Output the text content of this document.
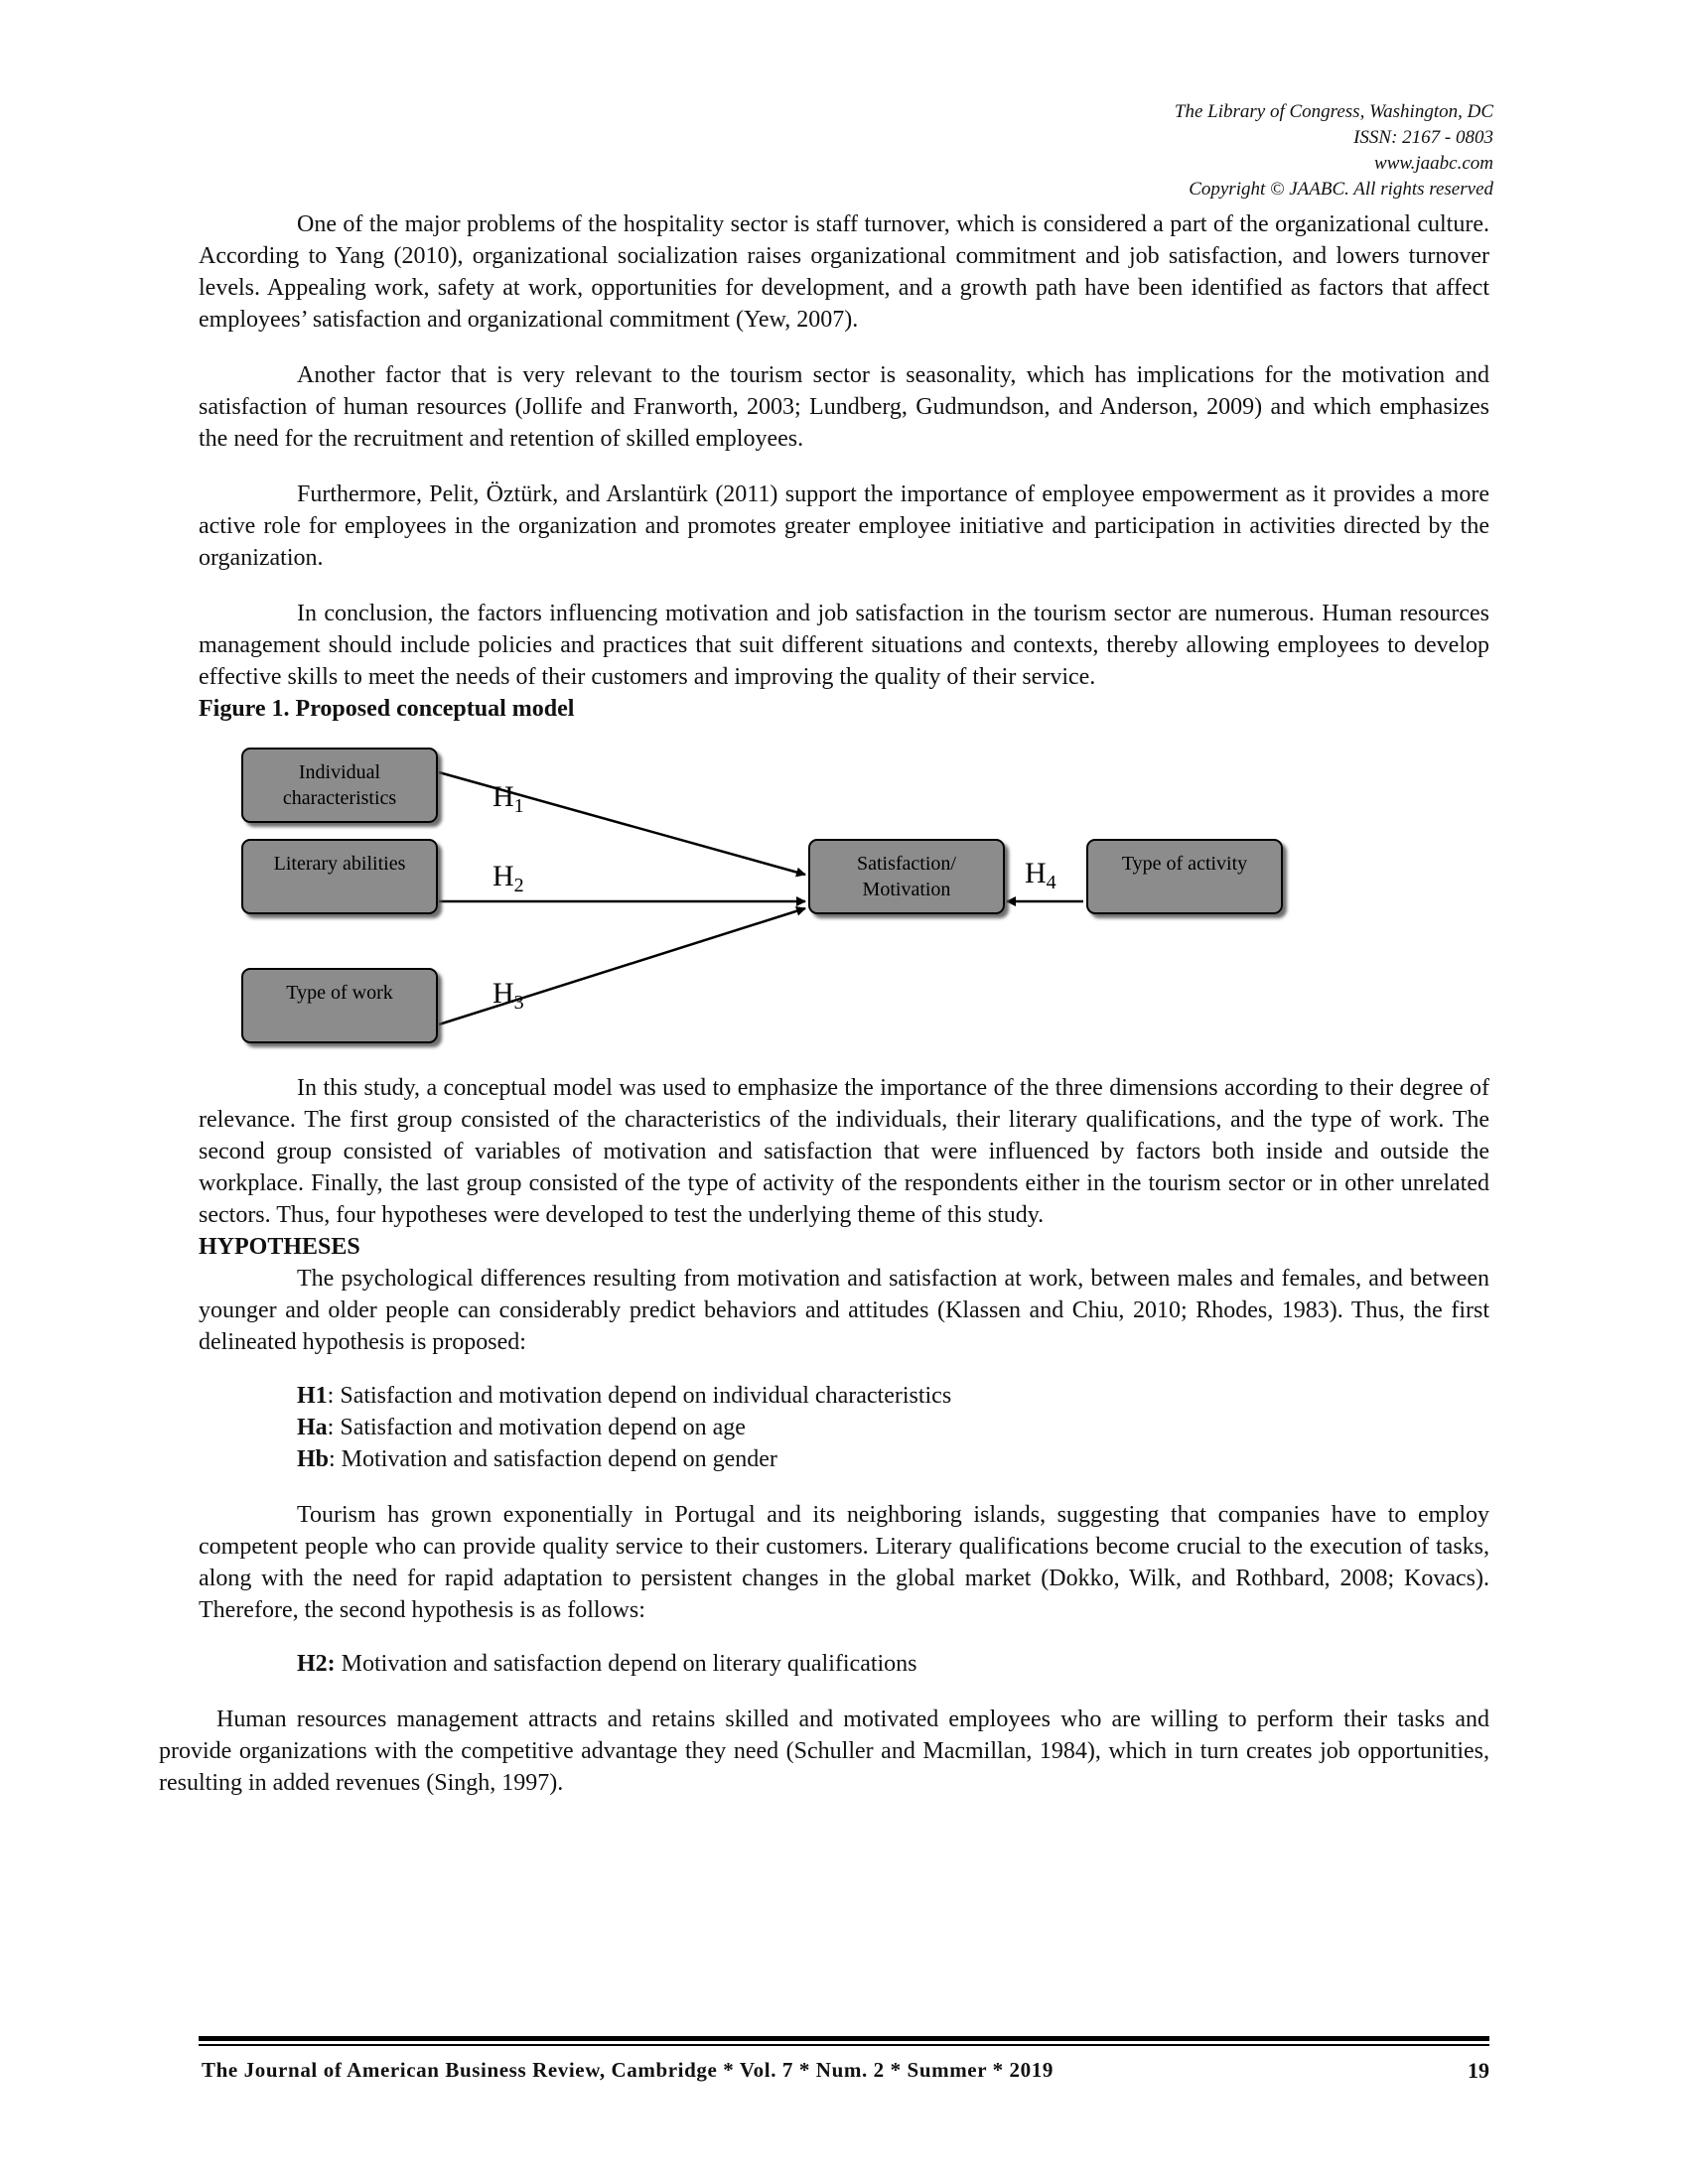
The Library of Congress, Washington, DC
ISSN: 2167 - 0803
www.jaabc.com
Copyright © JAABC. All rights reserved

One of the major problems of the hospitality sector is staff turnover, which is considered a part of the organizational culture. According to Yang (2010), organizational socialization raises organizational commitment and job satisfaction, and lowers turnover levels. Appealing work, safety at work, opportunities for development, and a growth path have been identified as factors that affect employees’ satisfaction and organizational commitment (Yew, 2007).

Another factor that is very relevant to the tourism sector is seasonality, which has implications for the motivation and satisfaction of human resources (Jollife and Franworth, 2003; Lundberg, Gudmundson, and Anderson, 2009) and which emphasizes the need for the recruitment and retention of skilled employees.

Furthermore, Pelit, Öztürk, and Arslantürk (2011) support the importance of employee empowerment as it provides a more active role for employees in the organization and promotes greater employee initiative and participation in activities directed by the organization.

In conclusion, the factors influencing motivation and job satisfaction in the tourism sector are numerous. Human resources management should include policies and practices that suit different situations and contexts, thereby allowing employees to develop effective skills to meet the needs of their customers and improving the quality of their service.

Figure 1. Proposed conceptual model

Individual
characteristics
Literary abilities
Type of work
Satisfaction/
Motivation
Type of activity
$H_1$
$H_2$
$H_3$
$H_4$

In this study, a conceptual model was used to emphasize the importance of the three dimensions according to their degree of relevance. The first group consisted of the characteristics of the individuals, their literary qualifications, and the type of work. The second group consisted of variables of motivation and satisfaction that were influenced by factors both inside and outside the workplace. Finally, the last group consisted of the type of activity of the respondents either in the tourism sector or in other unrelated sectors. Thus, four hypotheses were developed to test the underlying theme of this study.

HYPOTHESES

The psychological differences resulting from motivation and satisfaction at work, between males and females, and between younger and older people can considerably predict behaviors and attitudes (Klassen and Chiu, 2010; Rhodes, 1983). Thus, the first delineated hypothesis is proposed:

H1: Satisfaction and motivation depend on individual characteristics
Ha: Satisfaction and motivation depend on age
Hb: Motivation and satisfaction depend on gender

Tourism has grown exponentially in Portugal and its neighboring islands, suggesting that companies have to employ competent people who can provide quality service to their customers. Literary qualifications become crucial to the execution of tasks, along with the need for rapid adaptation to persistent changes in the global market (Dokko, Wilk, and Rothbard, 2008; Kovacs). Therefore, the second hypothesis is as follows:

H2: Motivation and satisfaction depend on literary qualifications

Human resources management attracts and retains skilled and motivated employees who are willing to perform their tasks and provide organizations with the competitive advantage they need (Schuller and Macmillan, 1984), which in turn creates job opportunities, resulting in added revenues (Singh, 1997).

The Journal of American Business Review, Cambridge * Vol. 7 * Num. 2 * Summer * 2019	19
